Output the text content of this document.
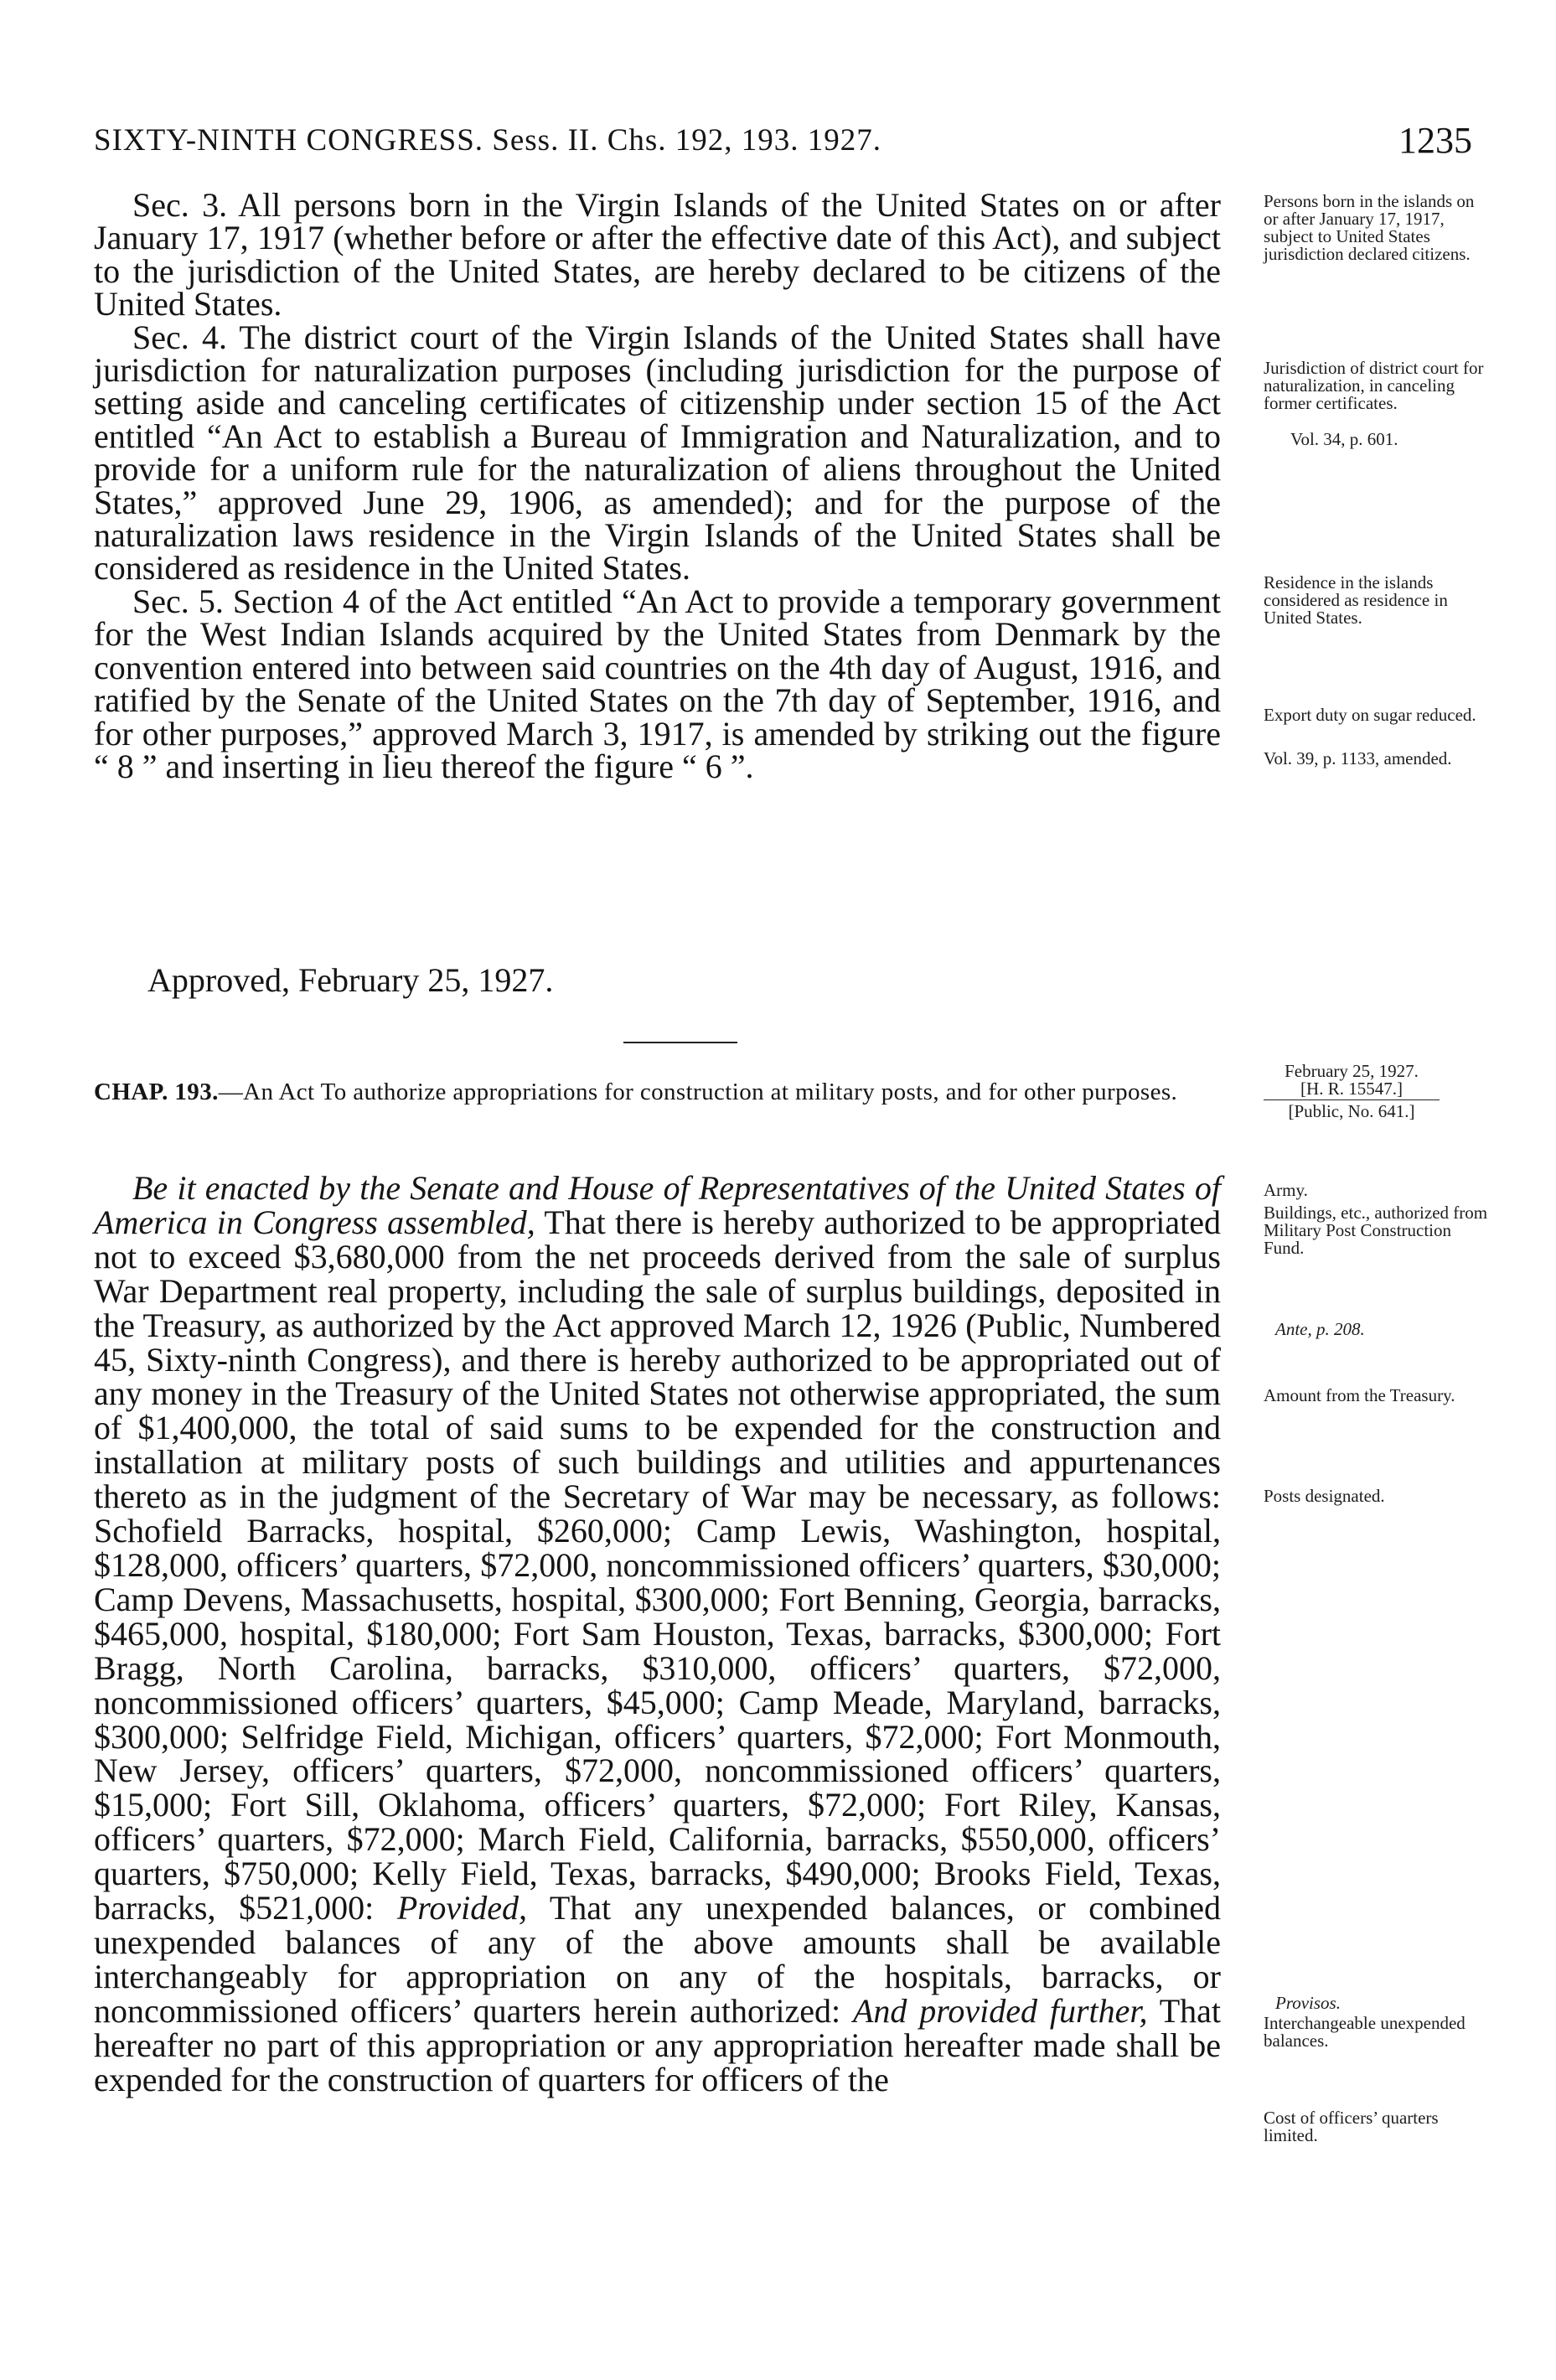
SIXTY-NINTH CONGRESS. Sess. II. Chs. 192, 193. 1927.	1235

Sec. 3. All persons born in the Virgin Islands of the United States on or after January 17, 1917 (whether before or after the effective date of this Act), and subject to the jurisdiction of the United States, are hereby declared to be citizens of the United States.

Sec. 4. The district court of the Virgin Islands of the United States shall have jurisdiction for naturalization purposes (including jurisdiction for the purpose of setting aside and canceling certificates of citizenship under section 15 of the Act entitled “An Act to establish a Bureau of Immigration and Naturalization, and to provide for a uniform rule for the naturalization of aliens throughout the United States,” approved June 29, 1906, as amended); and for the purpose of the naturalization laws residence in the Virgin Islands of the United States shall be considered as residence in the United States.

Sec. 5. Section 4 of the Act entitled “An Act to provide a temporary government for the West Indian Islands acquired by the United States from Denmark by the convention entered into between said countries on the 4th day of August, 1916, and ratified by the Senate of the United States on the 7th day of September, 1916, and for other purposes,” approved March 3, 1917, is amended by striking out the figure “ 8 ” and inserting in lieu thereof the figure “ 6 ”.

Approved, February 25, 1927.
CHAP. 193.—An Act To authorize appropriations for construction at military posts, and for other purposes.

Be it enacted by the Senate and House of Representatives of the United States of America in Congress assembled, That there is hereby authorized to be appropriated not to exceed $3,680,000 from the net proceeds derived from the sale of surplus War Department real property, including the sale of surplus buildings, deposited in the Treasury, as authorized by the Act approved March 12, 1926 (Public, Numbered 45, Sixty-ninth Congress), and there is hereby authorized to be appropriated out of any money in the Treasury of the United States not otherwise appropriated, the sum of $1,400,000, the total of said sums to be expended for the construction and installation at military posts of such buildings and utilities and appurtenances thereto as in the judgment of the Secretary of War may be necessary, as follows: Schofield Barracks, hospital, $260,000; Camp Lewis, Washington, hospital, $128,000, officers’ quarters, $72,000, noncommissioned officers’ quarters, $30,000; Camp Devens, Massachusetts, hospital, $300,000; Fort Benning, Georgia, barracks, $465,000, hospital, $180,000; Fort Sam Houston, Texas, barracks, $300,000; Fort Bragg, North Carolina, barracks, $310,000, officers’ quarters, $72,000, noncommissioned officers’ quarters, $45,000; Camp Meade, Maryland, barracks, $300,000; Selfridge Field, Michigan, officers’ quarters, $72,000; Fort Monmouth, New Jersey, officers’ quarters, $72,000, noncommissioned officers’ quarters, $15,000; Fort Sill, Oklahoma, officers’ quarters, $72,000; Fort Riley, Kansas, officers’ quarters, $72,000; March Field, California, barracks, $550,000, officers’ quarters, $750,000; Kelly Field, Texas, barracks, $490,000; Brooks Field, Texas, barracks, $521,000: Provided, That any unexpended balances, or combined unexpended balances of any of the above amounts shall be available interchangeably for appropriation on any of the hospitals, barracks, or noncommissioned officers’ quarters herein authorized: And provided further, That hereafter no part of this appropriation or any appropriation hereafter made shall be expended for the construction of quarters for officers of the

Persons born in the islands on or after January 17, 1917, subject to United States jurisdiction declared citizens.
Jurisdiction of district court for naturalization, in canceling former certificates.
Vol. 34, p. 601.
Residence in the islands considered as residence in United States.
Export duty on sugar reduced.
Vol. 39, p. 1133, amended.
February 25, 1927.
[H. R. 15547.]
[Public, No. 641.]
Army.
Buildings, etc., authorized from Military Post Construction Fund.
Ante, p. 208.
Amount from the Treasury.
Posts designated.
Provisos.
Interchangeable unexpended balances.
Cost of officers’ quarters limited.
